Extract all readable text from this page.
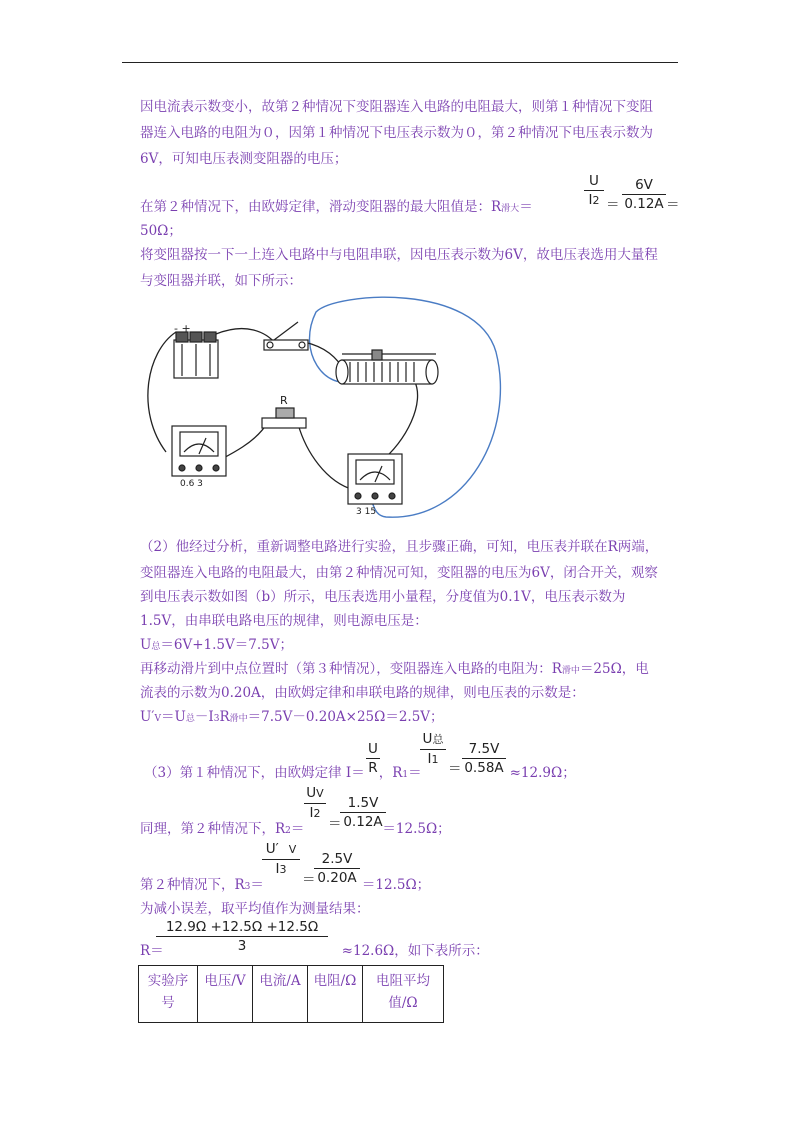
因电流表示数变小，故第２种情况下变阻器连入电路的电阻最大，则第１种情况下变阻
器连入电路的电阻为０，因第１种情况下电压表示数为０，第２种情况下电压表示数为
6V，可知电压表测变阻器的电压；
在第２种情况下，由欧姆定律，滑动变阻器的最大阻值是：R滑大＝
U
I2
6V
0.12A
＝	＝
50Ω；
将变阻器按一下一上连入电路中与电阻串联，因电压表示数为6V，故电压表选用大量程
与变阻器并联，如下所示：
- +
R
0.6 3
3 15
（2）他经过分析，重新调整电路进行实验，且步骤正确，可知，电压表并联在R两端，
变阻器连入电路的电阻最大，由第２种情况可知，变阻器的电压为6V，闭合开关，观察
到电压表示数如图（b）所示，电压表选用小量程，分度值为0.1V，电压表示数为
1.5V，由串联电路电压的规律，则电源电压是：
U总＝6V+1.5V＝7.5V；
再移动滑片到中点位置时（第３种情况），变阻器连入电路的电阻为：R滑中＝25Ω，电
流表的示数为0.20A，由欧姆定律和串联电路的规律，则电压表的示数是：
U′V＝U总－I3R滑中＝7.5V－0.20A×25Ω＝2.5V；
（3）第１种情况下，由欧姆定律 I＝ ，R1＝	≈12.9Ω；
U
R
U总
I1
＝
7.5V
0.58A
同理，第２种情况下，R2＝	＝12.5Ω；
UV
I2
＝
1.5V
0.12A
第２种情况下，R3＝	＝12.5Ω；
U′ V
I3
＝
2.5V
0.20A
为减小误差，取平均值作为测量结果：
R＝	≈12.6Ω，如下表所示：
12.9Ω +12.5Ω +12.5Ω
3
实验序号	电压/V	电流/A	电阻/Ω	电阻平均值/Ω
